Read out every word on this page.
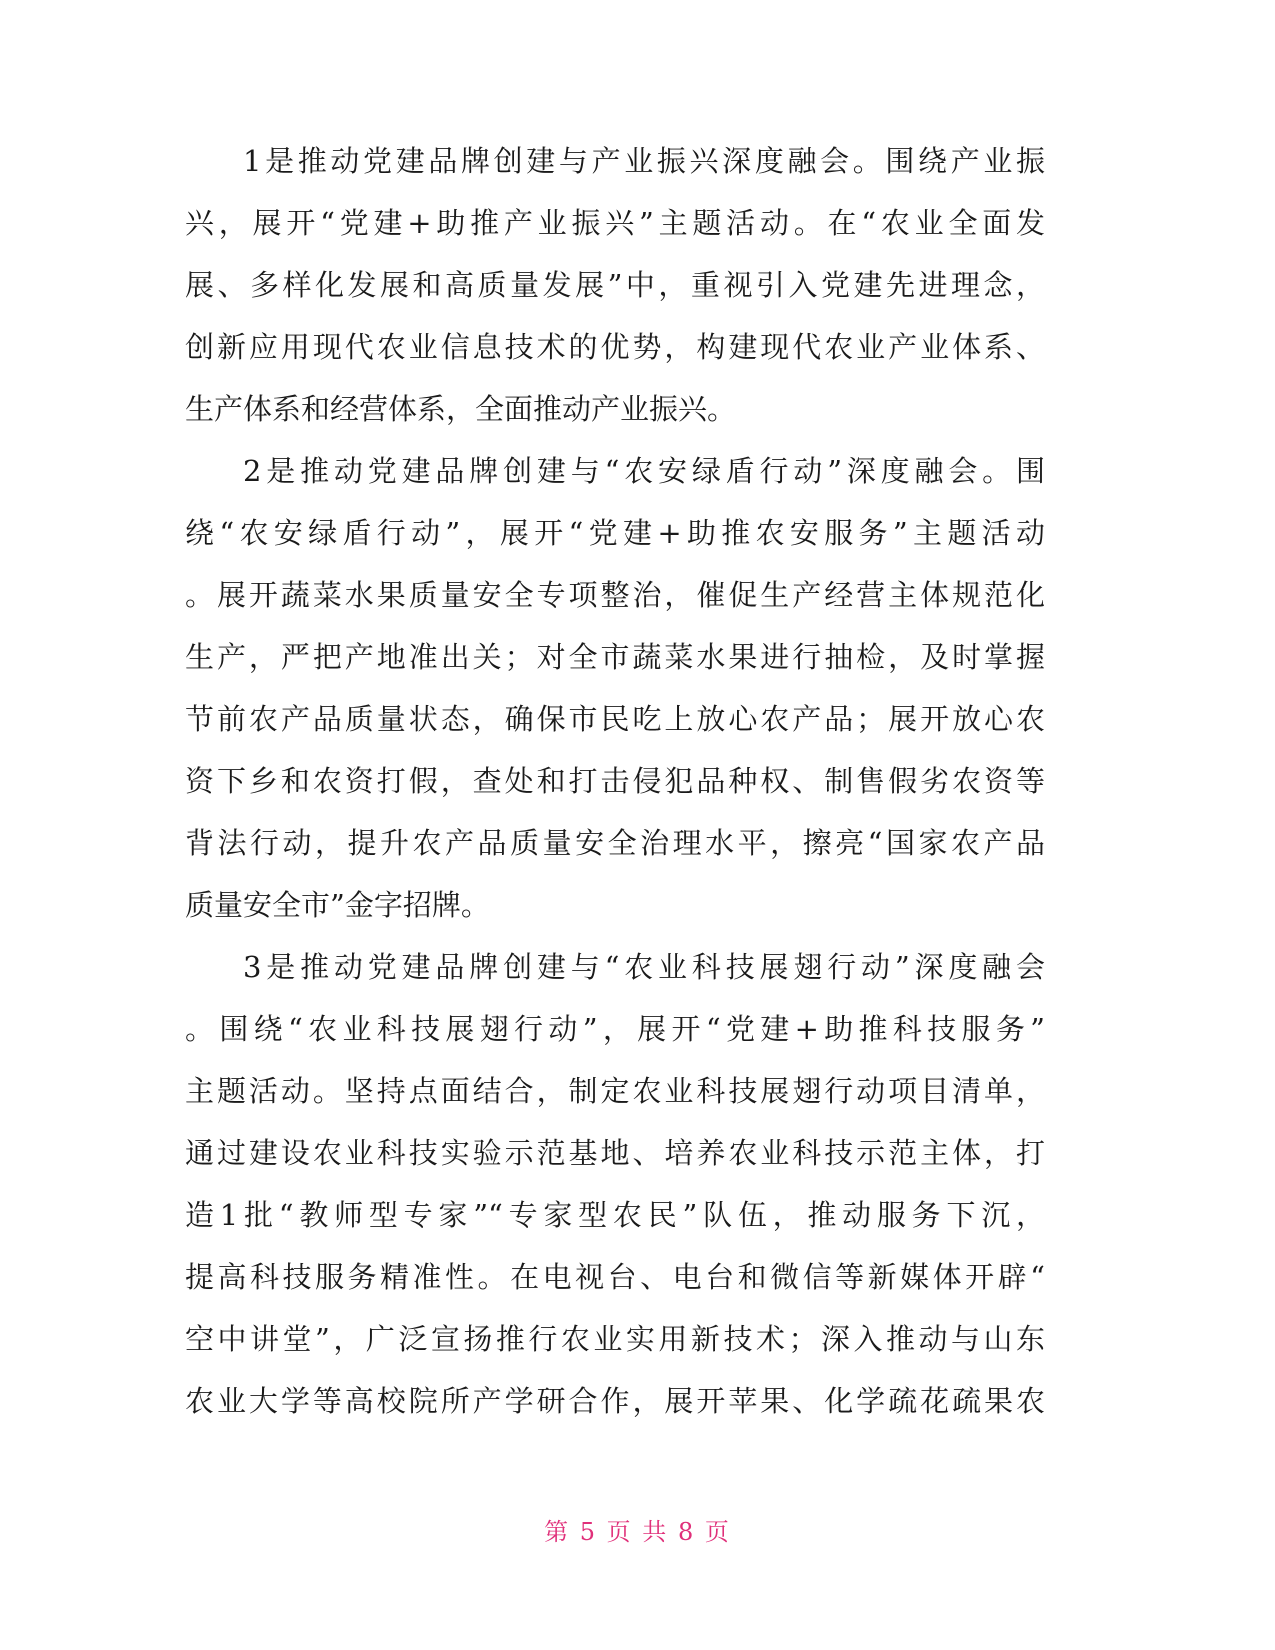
1是推动党建品牌创建与产业振兴深度融会。围绕产业振
兴，展开“党建+助推产业振兴”主题活动。在“农业全面发
展、多样化发展和高质量发展”中，重视引入党建先进理念，
创新应用现代农业信息技术的优势，构建现代农业产业体系、
生产体系和经营体系，全面推动产业振兴。
2是推动党建品牌创建与“农安绿盾行动”深度融会。围
绕“农安绿盾行动”，展开“党建+助推农安服务”主题活动
。展开蔬菜水果质量安全专项整治，催促生产经营主体规范化
生产，严把产地准出关；对全市蔬菜水果进行抽检，及时掌握
节前农产品质量状态，确保市民吃上放心农产品；展开放心农
资下乡和农资打假，查处和打击侵犯品种权、制售假劣农资等
背法行动，提升农产品质量安全治理水平，擦亮“国家农产品
质量安全市”金字招牌。
3是推动党建品牌创建与“农业科技展翅行动”深度融会
。围绕“农业科技展翅行动”，展开“党建+助推科技服务”
主题活动。坚持点面结合，制定农业科技展翅行动项目清单，
通过建设农业科技实验示范基地、培养农业科技示范主体，打
造1批“教师型专家”“专家型农民”队伍，推动服务下沉，
提高科技服务精准性。在电视台、电台和微信等新媒体开辟“
空中讲堂”，广泛宣扬推行农业实用新技术；深入推动与山东
农业大学等高校院所产学研合作，展开苹果、化学疏花疏果农
第 5 页 共 8 页
